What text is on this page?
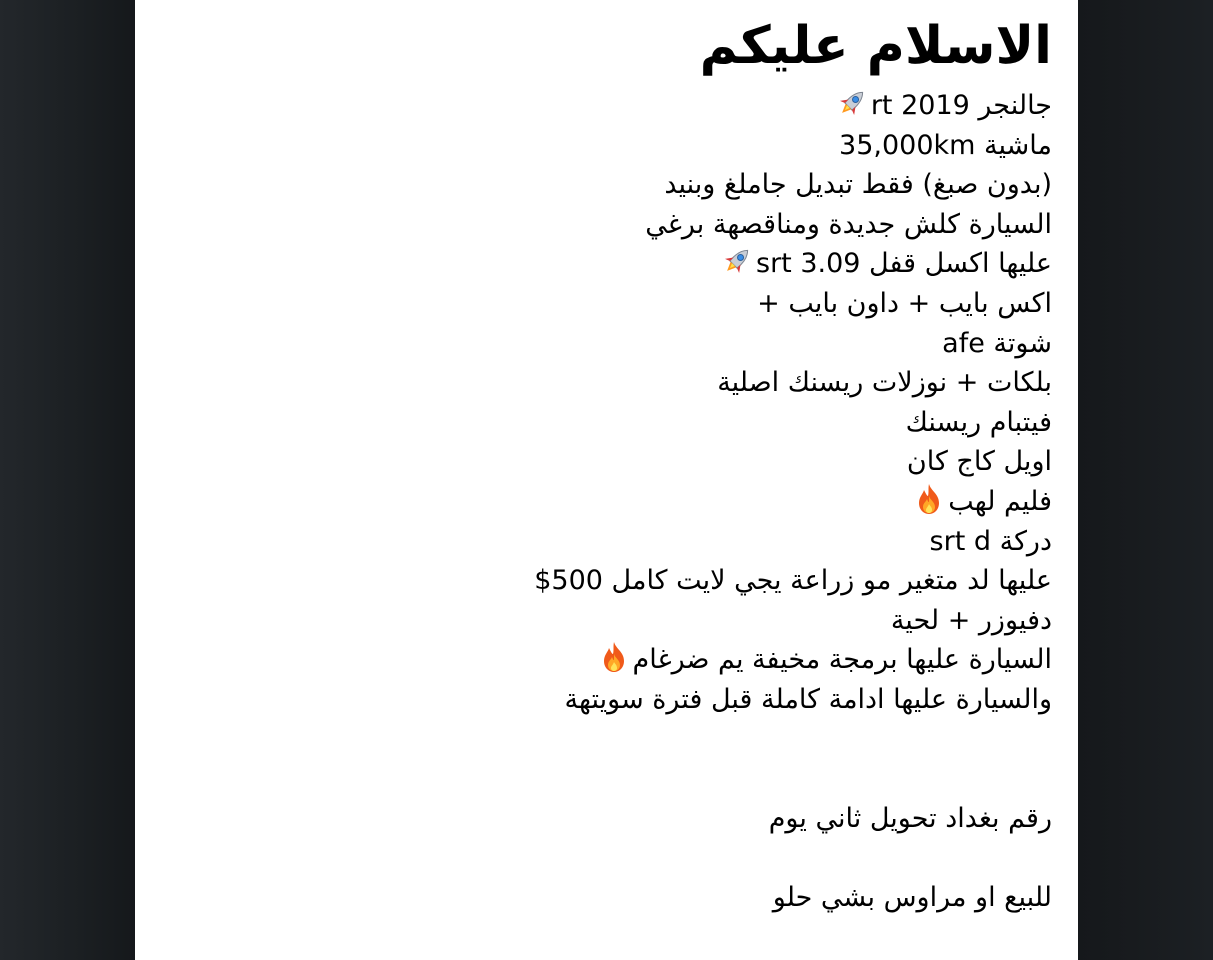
الاسلام عليكم
جالنجر rt 2019
ماشية 35,000km
(بدون صبغ) فقط تبديل جاملغ وبنيد
السيارة كلش جديدة ومناقصهة برغي
عليها اكسل قفل srt 3.09
اكس بايب + داون بايب +
شوتة afe
بلكات + نوزلات ريسنك اصلية
فيتبام ريسنك
اويل كاج كان
فليم لهب
دركة srt d
عليها لد متغير مو زراعة يجي لايت كامل 500$
دفيوزر + لحية
السيارة عليها برمجة مخيفة يم ضرغام
والسيارة عليها ادامة كاملة قبل فترة سويتهة
رقم بغداد تحويل ثاني يوم
للبيع او مراوس بشي حلو
